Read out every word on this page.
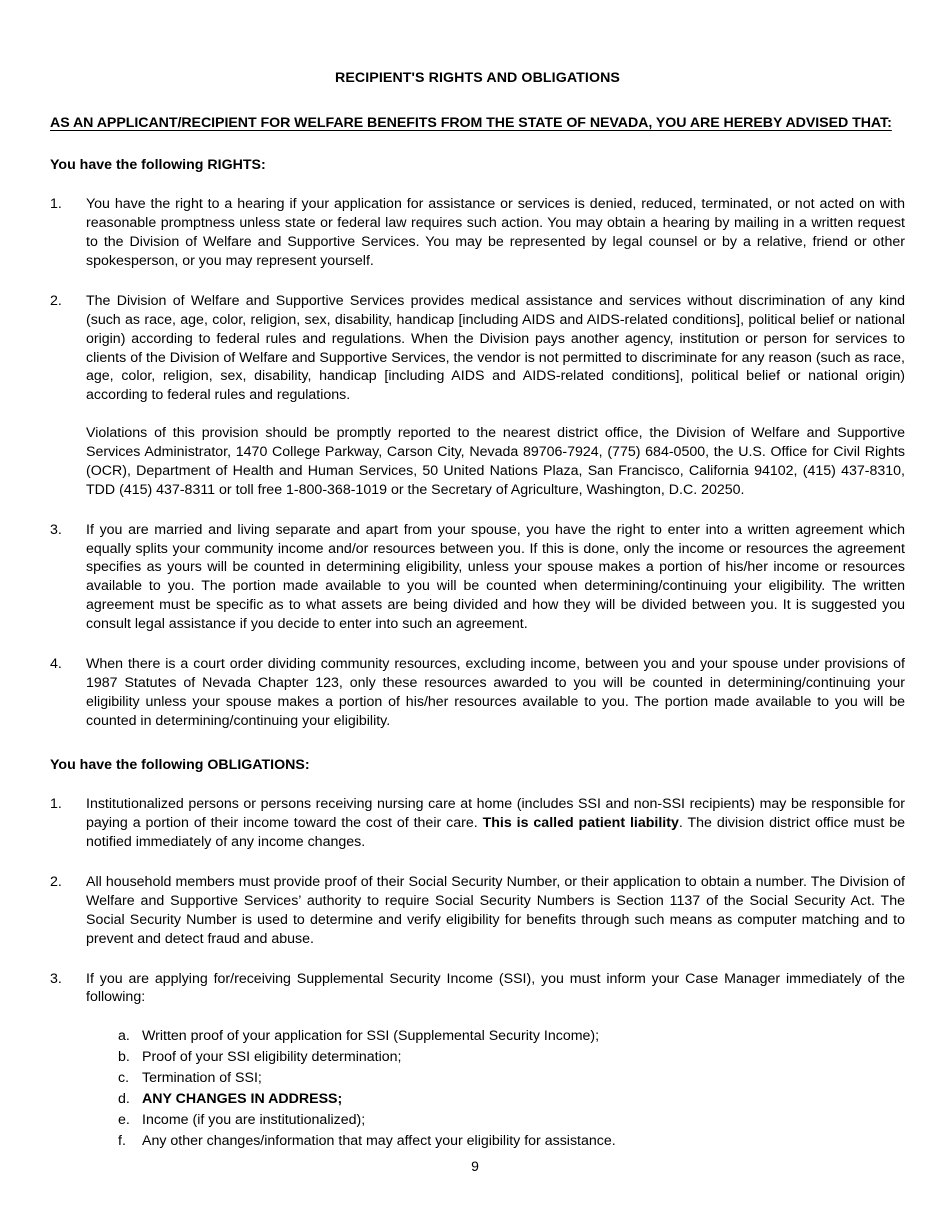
RECIPIENT'S RIGHTS AND OBLIGATIONS
AS AN APPLICANT/RECIPIENT FOR WELFARE BENEFITS FROM THE STATE OF NEVADA, YOU ARE HEREBY ADVISED THAT:
You have the following RIGHTS:
1.	You have the right to a hearing if your application for assistance or services is denied, reduced, terminated, or not acted on with reasonable promptness unless state or federal law requires such action. You may obtain a hearing by mailing in a written request to the Division of Welfare and Supportive Services. You may be represented by legal counsel or by a relative, friend or other spokesperson, or you may represent yourself.
2.	The Division of Welfare and Supportive Services provides medical assistance and services without discrimination of any kind (such as race, age, color, religion, sex, disability, handicap [including AIDS and AIDS-related conditions], political belief or national origin) according to federal rules and regulations. When the Division pays another agency, institution or person for services to clients of the Division of Welfare and Supportive Services, the vendor is not permitted to discriminate for any reason (such as race, age, color, religion, sex, disability, handicap [including AIDS and AIDS-related conditions], political belief or national origin) according to federal rules and regulations.
Violations of this provision should be promptly reported to the nearest district office, the Division of Welfare and Supportive Services Administrator, 1470 College Parkway, Carson City, Nevada 89706-7924, (775) 684-0500, the U.S. Office for Civil Rights (OCR), Department of Health and Human Services, 50 United Nations Plaza, San Francisco, California 94102, (415) 437-8310, TDD (415) 437-8311 or toll free 1-800-368-1019 or the Secretary of Agriculture, Washington, D.C. 20250.
3.	If you are married and living separate and apart from your spouse, you have the right to enter into a written agreement which equally splits your community income and/or resources between you. If this is done, only the income or resources the agreement specifies as yours will be counted in determining eligibility, unless your spouse makes a portion of his/her income or resources available to you. The portion made available to you will be counted when determining/continuing your eligibility. The written agreement must be specific as to what assets are being divided and how they will be divided between you. It is suggested you consult legal assistance if you decide to enter into such an agreement.
4.	When there is a court order dividing community resources, excluding income, between you and your spouse under provisions of 1987 Statutes of Nevada Chapter 123, only these resources awarded to you will be counted in determining/continuing your eligibility unless your spouse makes a portion of his/her resources available to you. The portion made available to you will be counted in determining/continuing your eligibility.
You have the following OBLIGATIONS:
1.	Institutionalized persons or persons receiving nursing care at home (includes SSI and non-SSI recipients) may be responsible for paying a portion of their income toward the cost of their care. This is called patient liability. The division district office must be notified immediately of any income changes.
2.	All household members must provide proof of their Social Security Number, or their application to obtain a number. The Division of Welfare and Supportive Services’ authority to require Social Security Numbers is Section 1137 of the Social Security Act. The Social Security Number is used to determine and verify eligibility for benefits through such means as computer matching and to prevent and detect fraud and abuse.
3.	If you are applying for/receiving Supplemental Security Income (SSI), you must inform your Case Manager immediately of the following:
a. Written proof of your application for SSI (Supplemental Security Income);
b. Proof of your SSI eligibility determination;
c. Termination of SSI;
d. ANY CHANGES IN ADDRESS;
e. Income (if you are institutionalized);
f. Any other changes/information that may affect your eligibility for assistance.
9
